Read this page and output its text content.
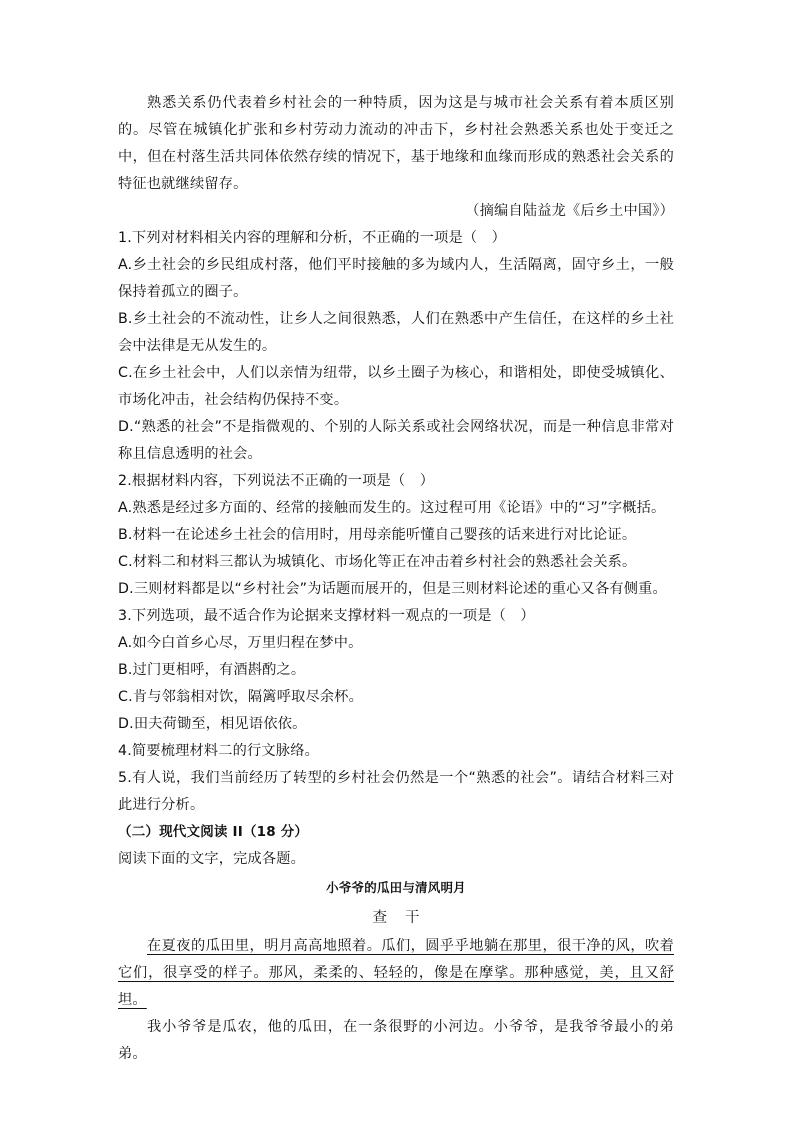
熟悉关系仍代表着乡村社会的一种特质，因为这是与城市社会关系有着本质区别的。尽管在城镇化扩张和乡村劳动力流动的冲击下，乡村社会熟悉关系也处于变迁之中，但在村落生活共同体依然存续的情况下，基于地缘和血缘而形成的熟悉社会关系的特征也就继续留存。

（摘编自陆益龙《后乡土中国》）

1.下列对材料相关内容的理解和分析，不正确的一项是（　）

A.乡土社会的乡民组成村落，他们平时接触的多为域内人，生活隔离，固守乡土，一般保持着孤立的圈子。

B.乡土社会的不流动性，让乡人之间很熟悉，人们在熟悉中产生信任，在这样的乡土社会中法律是无从发生的。

C.在乡土社会中，人们以亲情为纽带，以乡土圈子为核心，和谐相处，即使受城镇化、市场化冲击，社会结构仍保持不变。

D.“熟悉的社会”不是指微观的、个别的人际关系或社会网络状况，而是一种信息非常对称且信息透明的社会。

2.根据材料内容，下列说法不正确的一项是（　）

A.熟悉是经过多方面的、经常的接触而发生的。这过程可用《论语》中的“习”字概括。

B.材料一在论述乡土社会的信用时，用母亲能听懂自己婴孩的话来进行对比论证。

C.材料二和材料三都认为城镇化、市场化等正在冲击着乡村社会的熟悉社会关系。

D.三则材料都是以“乡村社会”为话题而展开的，但是三则材料论述的重心又各有侧重。

3.下列选项，最不适合作为论据来支撑材料一观点的一项是（　）

A.如今白首乡心尽，万里归程在梦中。

B.过门更相呼，有酒斟酌之。

C.肯与邻翁相对饮，隔篱呼取尽余杯。

D.田夫荷锄至，相见语依依。

4.简要梳理材料二的行文脉络。

5.有人说，我们当前经历了转型的乡村社会仍然是一个“熟悉的社会”。请结合材料三对此进行分析。

（二）现代文阅读 II（18 分）

阅读下面的文字，完成各题。

小爷爷的瓜田与清风明月

查干

在夏夜的瓜田里，明月高高地照着。瓜们，圆乎乎地躺在那里，很干净的风，吹着它们，很享受的样子。那风，柔柔的、轻轻的，像是在摩挲。那种感觉，美，且又舒坦。

我小爷爷是瓜农，他的瓜田，在一条很野的小河边。小爷爷，是我爷爷最小的弟弟。
